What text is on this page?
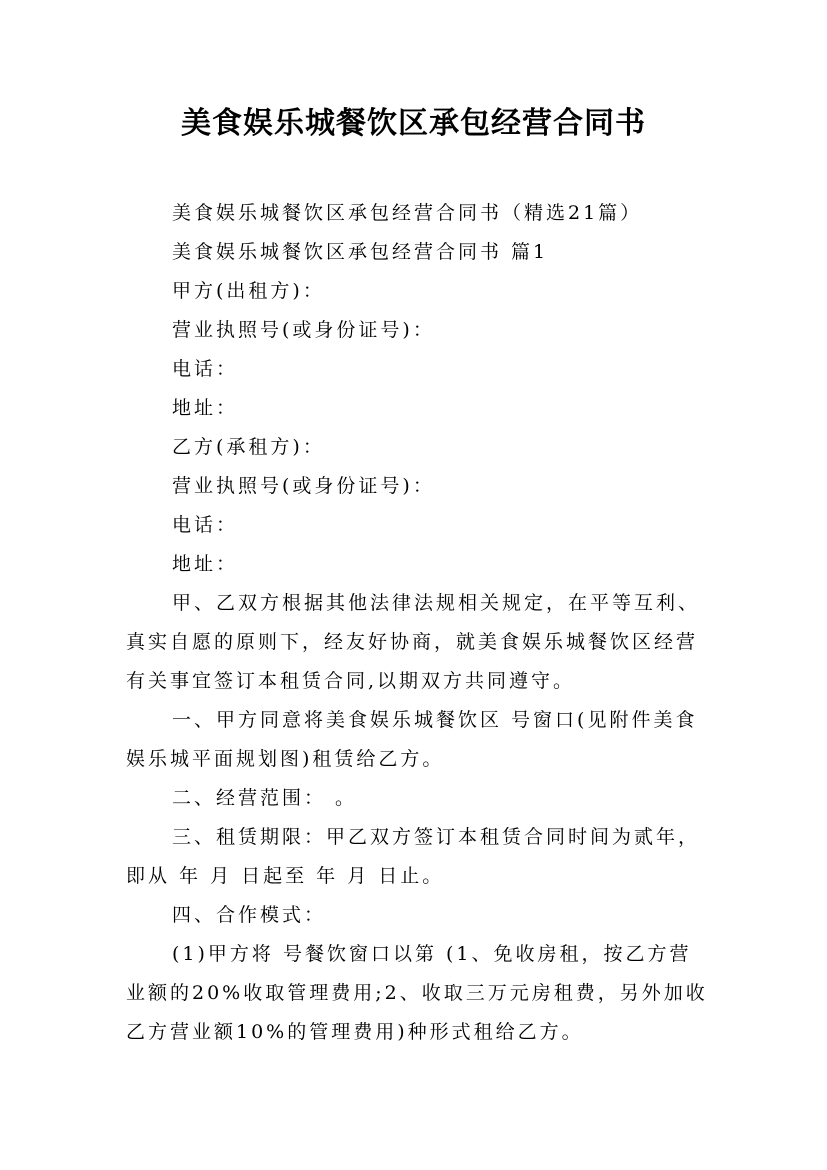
美食娱乐城餐饮区承包经营合同书

美食娱乐城餐饮区承包经营合同书（精选21篇）

美食娱乐城餐饮区承包经营合同书 篇1

甲方(出租方)：

营业执照号(或身份证号)：

电话：

地址：

乙方(承租方)：

营业执照号(或身份证号)：

电话：

地址：

甲、乙双方根据其他法律法规相关规定，在平等互利、

真实自愿的原则下，经友好协商，就美食娱乐城餐饮区经营

有关事宜签订本租赁合同,以期双方共同遵守。

一、甲方同意将美食娱乐城餐饮区 号窗口(见附件美食

娱乐城平面规划图)租赁给乙方。

二、经营范围： 。

三、租赁期限：甲乙双方签订本租赁合同时间为贰年，

即从 年 月 日起至 年 月 日止。

四、合作模式：

(1)甲方将 号餐饮窗口以第 (1、免收房租，按乙方营

业额的20%收取管理费用;2、收取三万元房租费，另外加收

乙方营业额10%的管理费用)种形式租给乙方。
